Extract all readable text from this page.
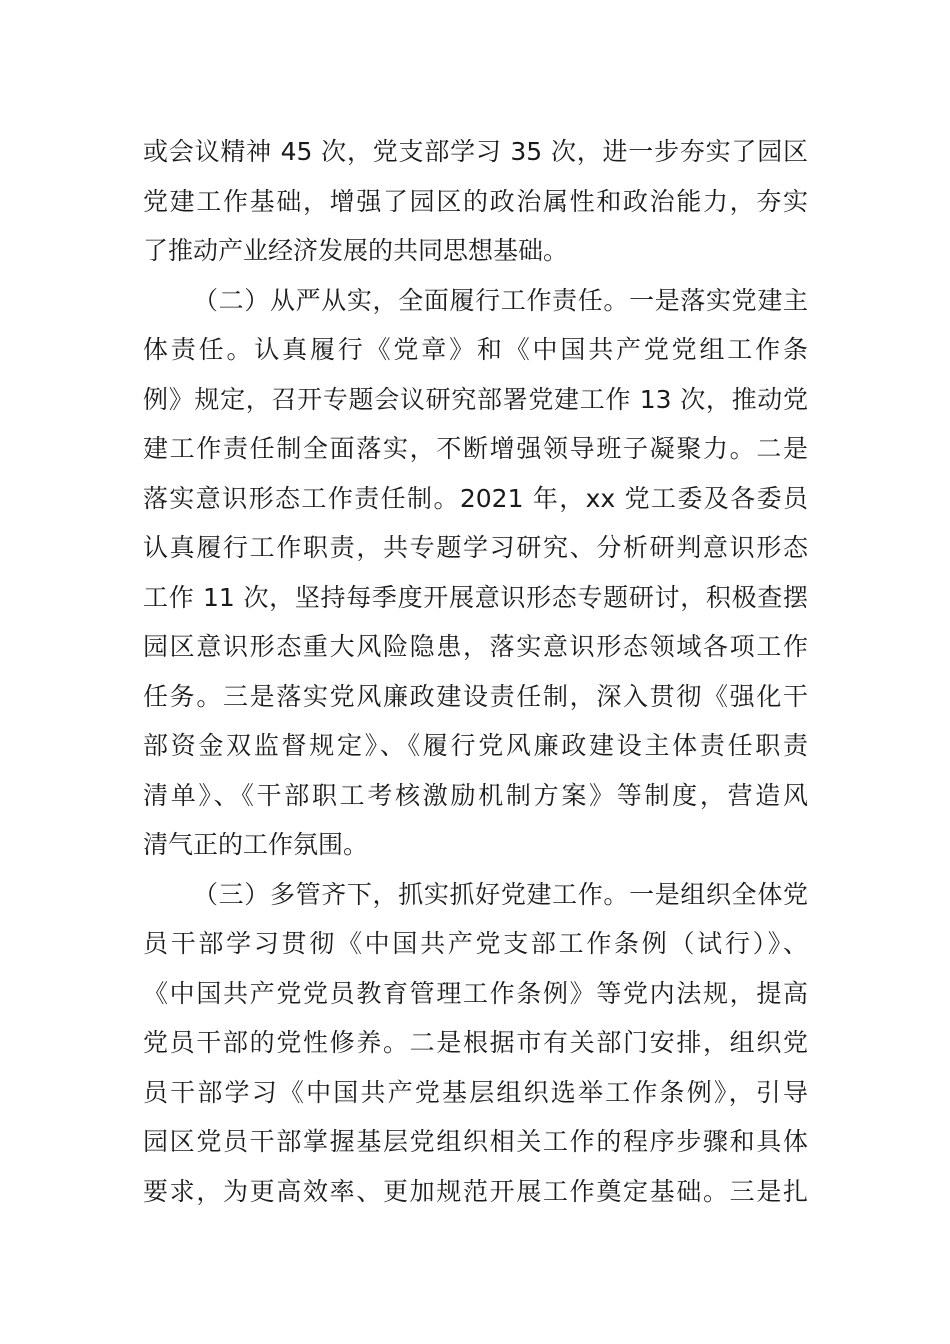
或会议精神 45 次，党支部学习 35 次，进一步夯实了园区
党建工作基础，增强了园区的政治属性和政治能力，夯实
了推动产业经济发展的共同思想基础。
（二）从严从实，全面履行工作责任。一是落实党建主
体责任。认真履行《党章》和《中国共产党党组工作条
例》规定，召开专题会议研究部署党建工作 13 次，推动党
建工作责任制全面落实，不断增强领导班子凝聚力。二是
落实意识形态工作责任制。2021 年，xx 党工委及各委员
认真履行工作职责，共专题学习研究、分析研判意识形态
工作 11 次，坚持每季度开展意识形态专题研讨，积极查摆
园区意识形态重大风险隐患，落实意识形态领域各项工作
任务。三是落实党风廉政建设责任制，深入贯彻《强化干
部资金双监督规定》、《履行党风廉政建设主体责任职责
清单》、《干部职工考核激励机制方案》等制度，营造风
清气正的工作氛围。
（三）多管齐下，抓实抓好党建工作。一是组织全体党
员干部学习贯彻《中国共产党支部工作条例（试行）》、
《中国共产党党员教育管理工作条例》等党内法规，提高
党员干部的党性修养。二是根据市有关部门安排，组织党
员干部学习《中国共产党基层组织选举工作条例》，引导
园区党员干部掌握基层党组织相关工作的程序步骤和具体
要求，为更高效率、更加规范开展工作奠定基础。三是扎
